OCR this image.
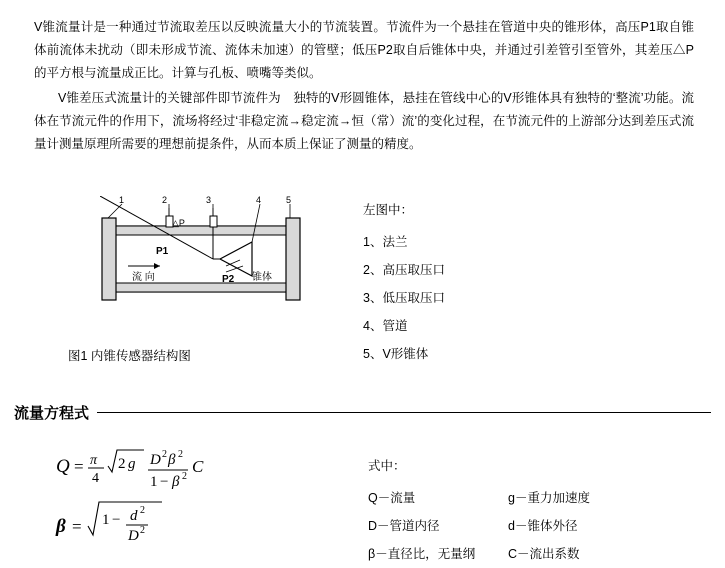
V锥流量计是一种通过节流取差压以反映流量大小的节流装置。节流件为一个悬挂在管道中央的锥形体，高压P1取自锥体前流体未扰动（即未形成节流、流体未加速）的管壁；低压P2取自后锥体中央，并通过引差管引至管外，其差压△P的平方根与流量成正比。计算与孔板、喷嘴等类似。

V锥差压式流量计的关键部件即节流件为　独特的V形圆锥体，悬挂在管线中心的V形锥体具有独特的‘整流’功能。流体在节流元件的作用下，流场将经过‘非稳定流→稳定流→恒（常）流’的变化过程，在节流元件的上游部分达到差压式流量计测量原理所需要的理想前提条件，从而本质上保证了测量的精度。

1	2	3	4	5
△P
P1
P2
流 向	锥体
图1 内锥传感器结构图
左图中：
1、法兰
2、高压取压口
3、低压取压口
4、管道
5、V形锥体
流量方程式
Q = π
4
2 g D 2 β 2
1 − β 2
C
β = 1 − d 2
D 2
式中：
Q－流量	g－重力加速度
D－管道内径	d－锥体外径
β－直径比，无量纲	C－流出系数
